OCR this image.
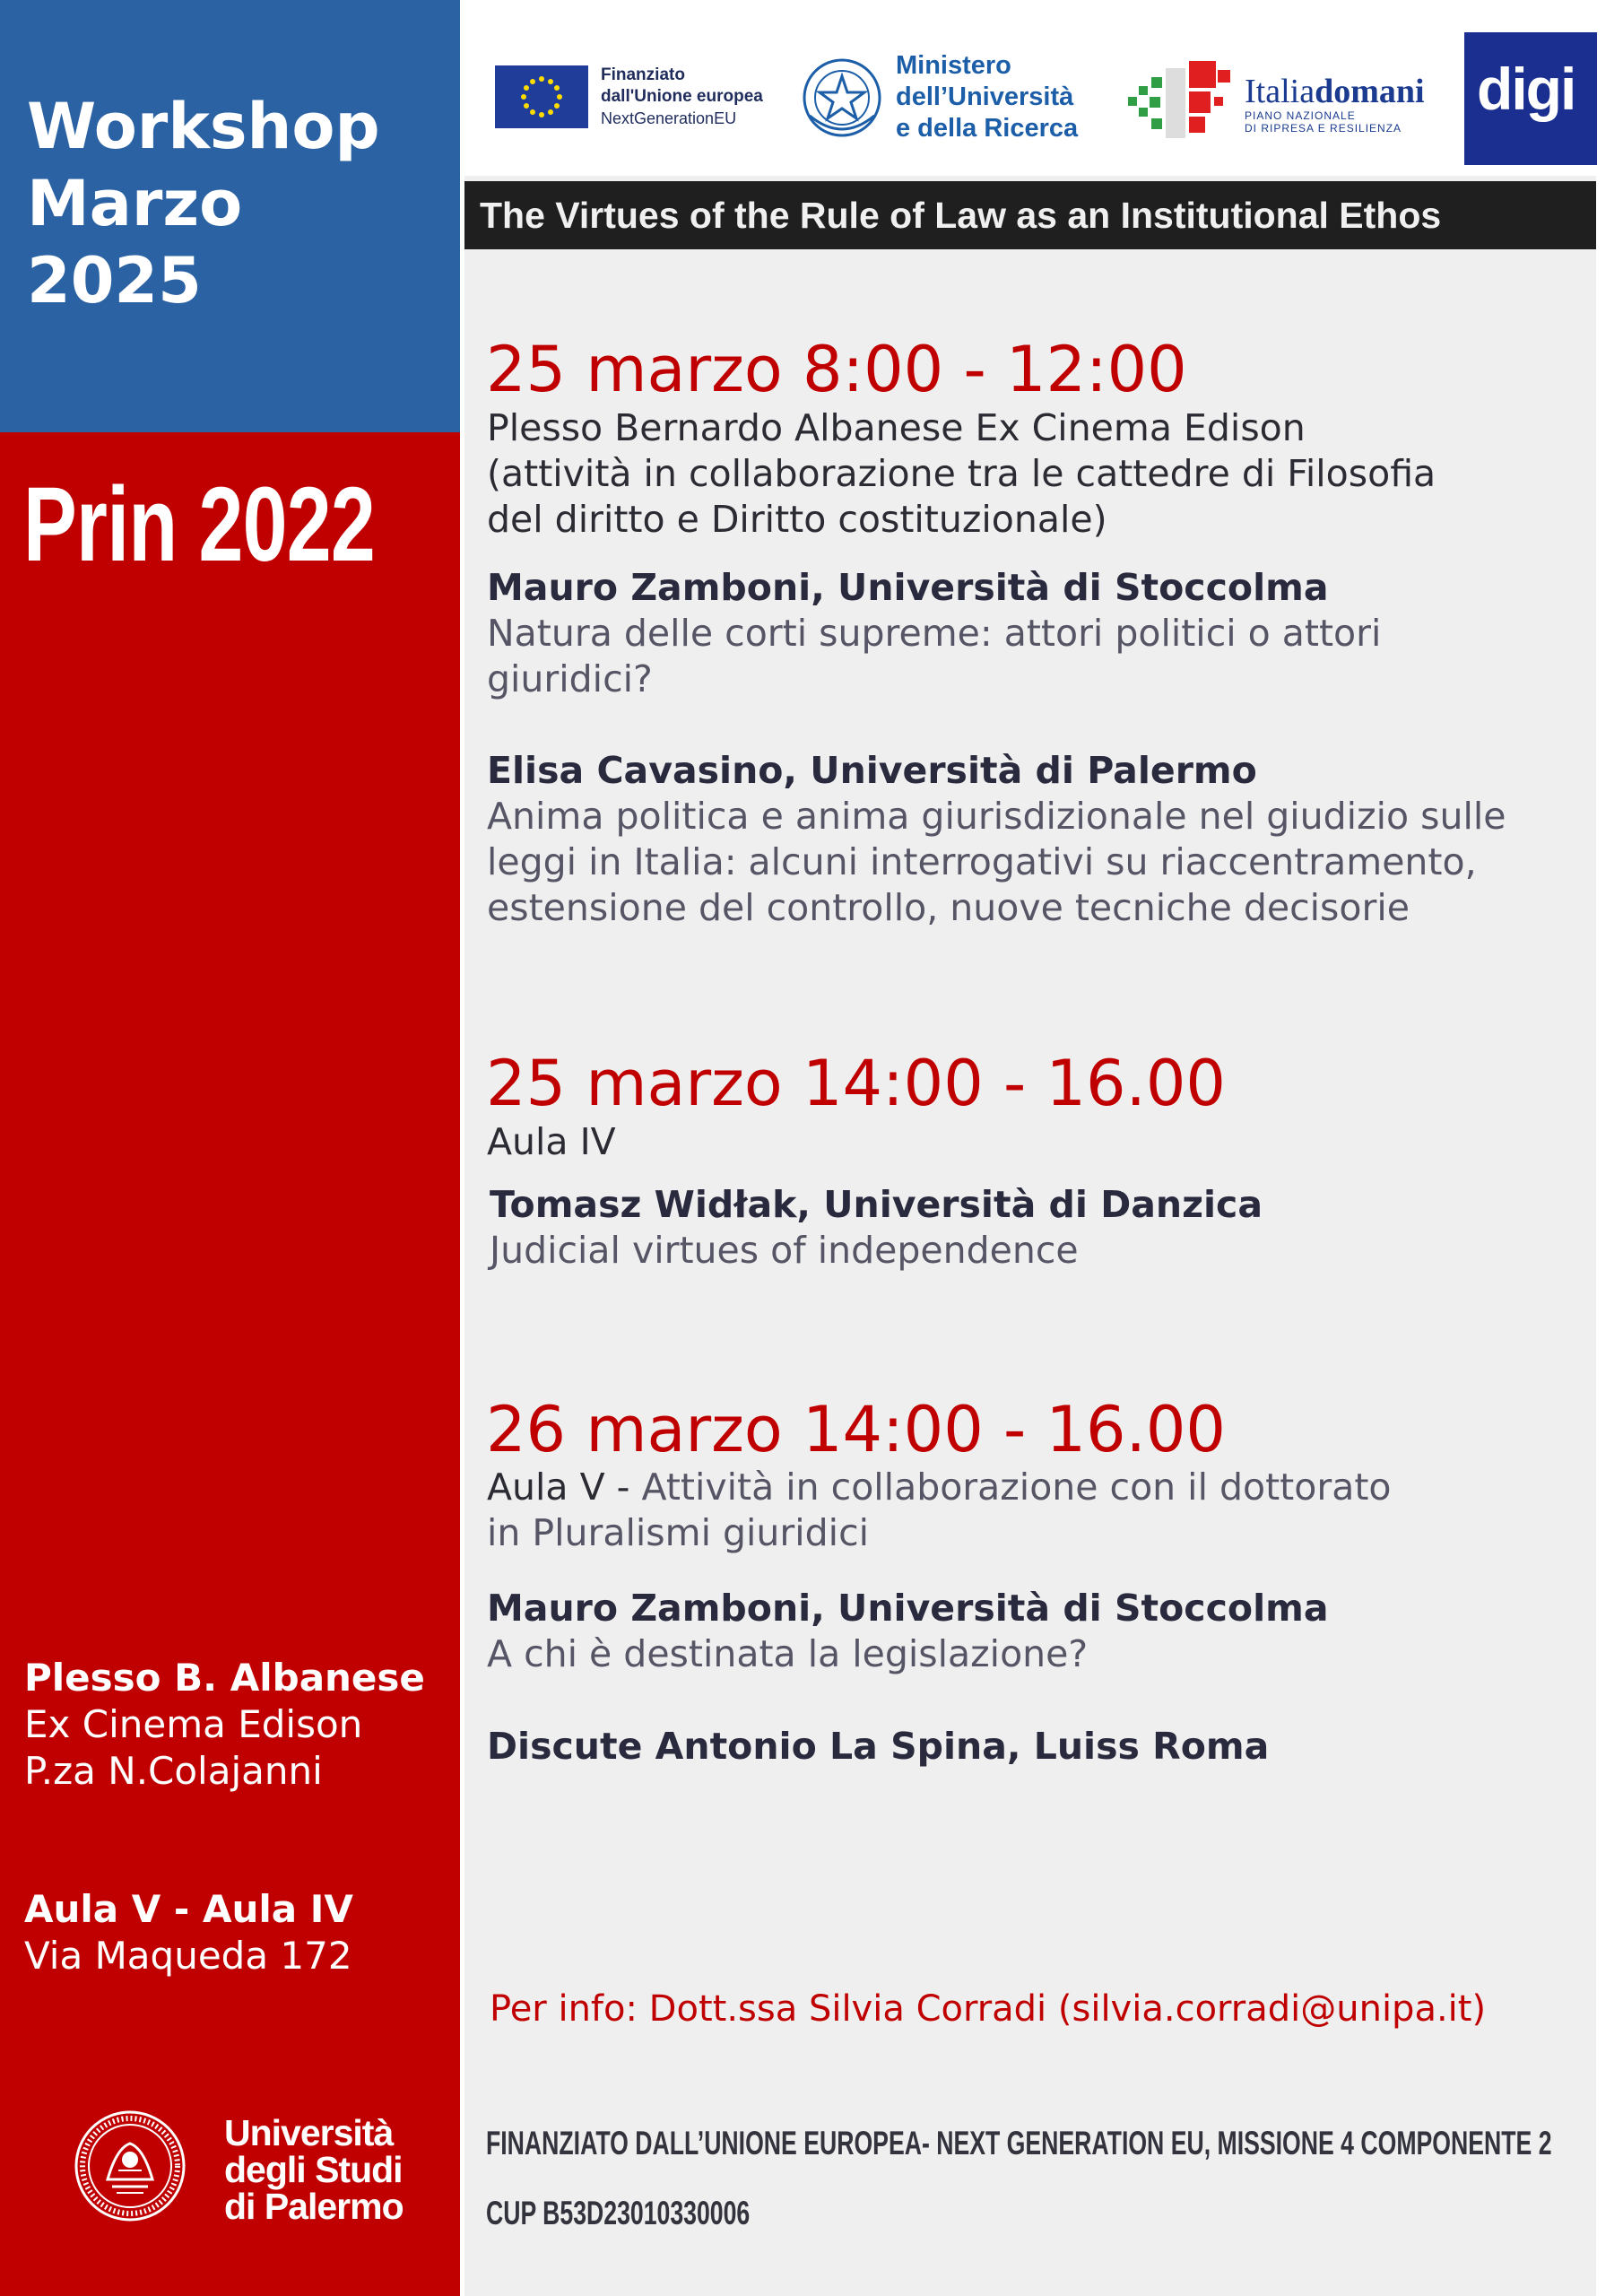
Workshop
Marzo
2025
Prin 2022
Plesso B. Albanese
Ex Cinema Edison
P.za N.Colajanni
Aula V - Aula IV
Via Maqueda 172
Università
degli Studi
di Palermo
Finanziato
dall'Unione europea
NextGenerationEU
Ministero
dell’Università
e della Ricerca
Italiadomani
PIANO NAZIONALE
DI RIPRESA E RESILIENZA
digi
The Virtues of the Rule of Law as an Institutional Ethos
25 marzo 8:00 - 12:00
Plesso Bernardo Albanese Ex Cinema Edison
(attività in collaborazione tra le cattedre di Filosofia
del diritto e Diritto costituzionale)
Mauro Zamboni, Università di Stoccolma
Natura delle corti supreme: attori politici o attori
giuridici?
Elisa Cavasino, Università di Palermo
Anima politica e anima giurisdizionale nel giudizio sulle
leggi in Italia: alcuni interrogativi su riaccentramento,
estensione del controllo, nuove tecniche decisorie
25 marzo 14:00 - 16.00
Aula IV
Tomasz Widłak, Università di Danzica
Judicial virtues of independence
26 marzo 14:00 - 16.00
Aula V - Attività in collaborazione con il dottorato
in Pluralismi giuridici
Mauro Zamboni, Università di Stoccolma
A chi è destinata la legislazione?
Discute Antonio La Spina, Luiss Roma
Per info: Dott.ssa Silvia Corradi (silvia.corradi@unipa.it)
FINANZIATO DALL’UNIONE EUROPEA- NEXT GENERATION EU, MISSIONE 4 COMPONENTE 2
CUP B53D23010330006
